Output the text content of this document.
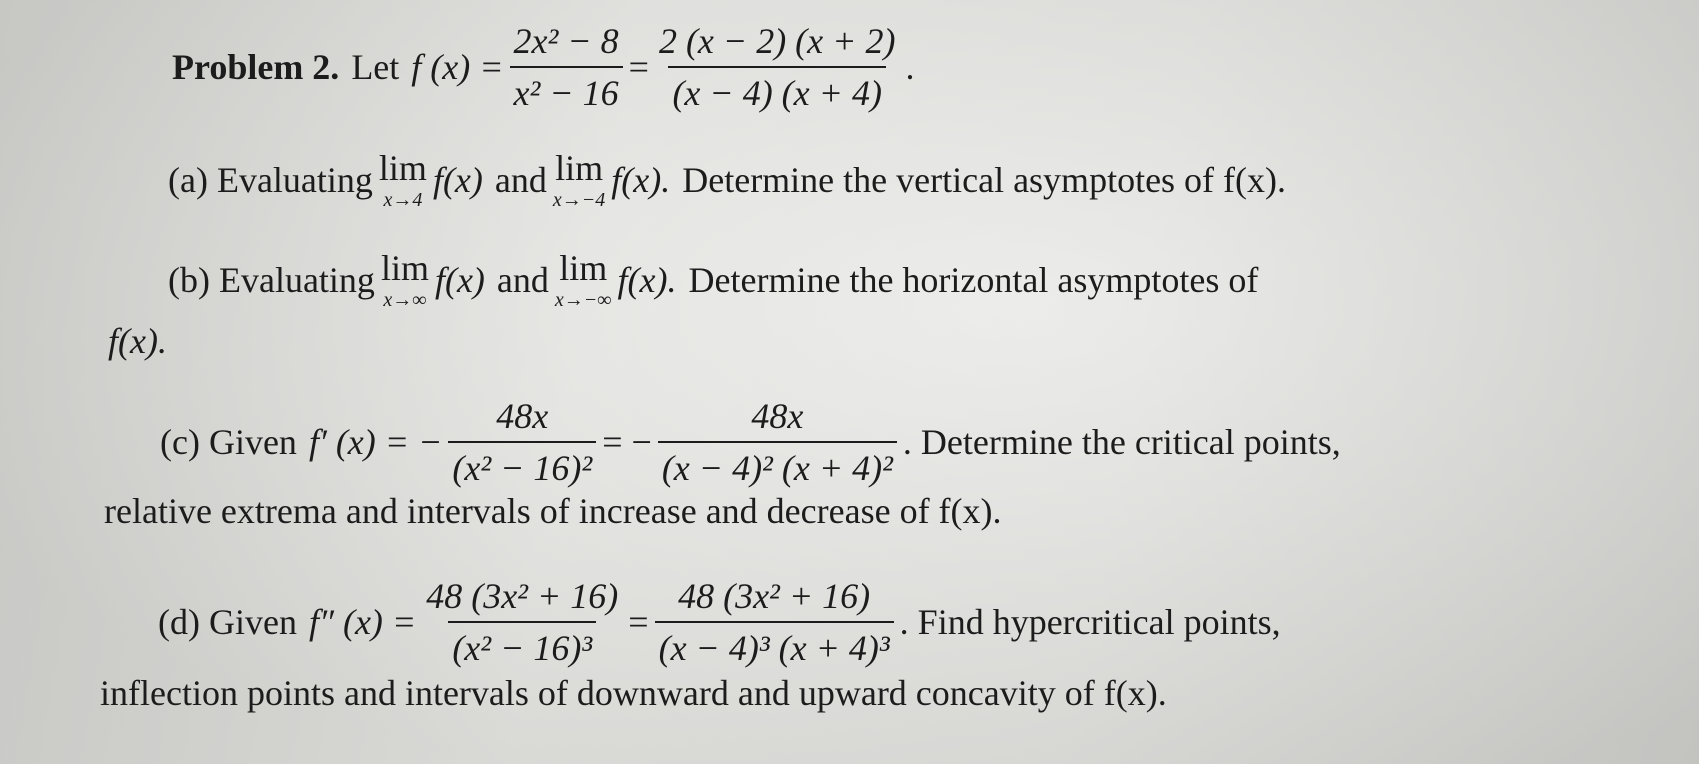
Problem 2. Let f $(x) = \frac{\text{2x² − 8}}{\text{x² − 16}} = \frac{2 (x - 2) (x + 2)}{(x - 4) (x + 4)}$ .
(a) Evaluating lim
x→4 f(x) and lim
x→−4 f(x). Determine the vertical asymptotes of f(x).
(b) Evaluating lim
x→∞ f(x) and lim
x→−∞ f(x). Determine the horizontal asymptotes of
f(x).
(c) Given f′ (x) = − $\frac{48x}{\text{(x² − 16)²}}$ = − $\frac{48x}{\text{(x − 4)² (x + 4)²}}$ . Determine the critical points,
relative extrema and intervals of increase and decrease of f(x).
(d) Given f″ $(x) = \frac{\text{48 (3x² + 16)}}{\text{(x² − 16)³}} = \frac{\text{48 (3x² + 16)}}{\text{(x − 4)³ (x + 4)³}}$ . Find hypercritical points,
inflection points and intervals of downward and upward concavity of f(x).
